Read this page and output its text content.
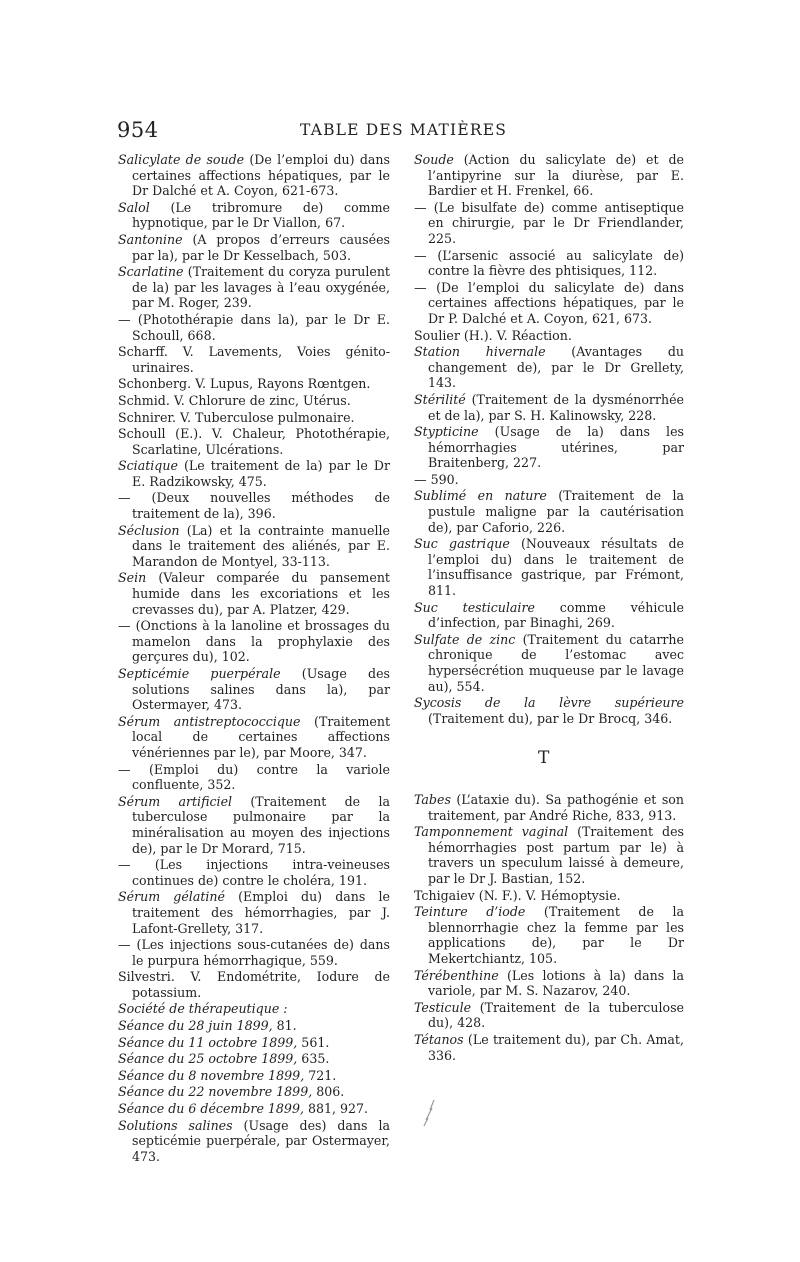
954	TABLE DES MATIÈRES
Salicylate de soude (De l’emploi du) dans certaines affections hépatiques, par le Dr Dalché et A. Coyon, 621-673.
Salol (Le tribromure de) comme hypnotique, par le Dr Viallon, 67.
Santonine (A propos d’erreurs causées par la), par le Dr Kesselbach, 503.
Scarlatine (Traitement du coryza purulent de la) par les lavages à l’eau oxygénée, par M. Roger, 239.
— (Photothérapie dans la), par le Dr E. Schoull, 668.
Scharff. V. Lavements, Voies génito-urinaires.
Schonberg. V. Lupus, Rayons Rœntgen.
Schmid. V. Chlorure de zinc, Utérus.
Schnirer. V. Tuberculose pulmonaire.
Schoull (E.). V. Chaleur, Photothérapie, Scarlatine, Ulcérations.
Sciatique (Le traitement de la) par le Dr E. Radzikowsky, 475.
— (Deux nouvelles méthodes de traitement de la), 396.
Séclusion (La) et la contrainte manuelle dans le traitement des aliénés, par E. Marandon de Montyel, 33-113.
Sein (Valeur comparée du pansement humide dans les excoriations et les crevasses du), par A. Platzer, 429.
— (Onctions à la lanoline et brossages du mamelon dans la prophylaxie des gerçures du), 102.
Septicémie puerpérale (Usage des solutions salines dans la), par Ostermayer, 473.
Sérum antistreptococcique (Traitement local de certaines affections vénériennes par le), par Moore, 347.
— (Emploi du) contre la variole confluente, 352.
Sérum artificiel (Traitement de la tuberculose pulmonaire par la minéralisation au moyen des injections de), par le Dr Morard, 715.
— (Les injections intra-veineuses continues de) contre le choléra, 191.
Sérum gélatiné (Emploi du) dans le traitement des hémorrhagies, par J. Lafont-Grellety, 317.
— (Les injections sous-cutanées de) dans le purpura hémorrhagique, 559.
Silvestri. V. Endométrite, Iodure de potassium.
Société de thérapeutique :
Séance du 28 juin 1899, 81.
Séance du 11 octobre 1899, 561.
Séance du 25 octobre 1899, 635.
Séance du 8 novembre 1899, 721.
Séance du 22 novembre 1899, 806.
Séance du 6 décembre 1899, 881, 927.
Solutions salines (Usage des) dans la septicémie puerpérale, par Ostermayer, 473.
Soude (Action du salicylate de) et de l’antipyrine sur la diurèse, par E. Bardier et H. Frenkel, 66.
— (Le bisulfate de) comme antiseptique en chirurgie, par le Dr Friendlander, 225.
— (L’arsenic associé au salicylate de) contre la fièvre des phtisiques, 112.
— (De l’emploi du salicylate de) dans certaines affections hépatiques, par le Dr P. Dalché et A. Coyon, 621, 673.
Soulier (H.). V. Réaction.
Station hivernale (Avantages du changement de), par le Dr Grellety, 143.
Stérilité (Traitement de la dysménorrhée et de la), par S. H. Kalinowsky, 228.
Stypticine (Usage de la) dans les hémorrhagies utérines, par Braitenberg, 227.
— 590.
Sublimé en nature (Traitement de la pustule maligne par la cautérisation de), par Caforio, 226.
Suc gastrique (Nouveaux résultats de l’emploi du) dans le traitement de l’insuffisance gastrique, par Frémont, 811.
Suc testiculaire comme véhicule d’infection, par Binaghi, 269.
Sulfate de zinc (Traitement du catarrhe chronique de l’estomac avec hypersécrétion muqueuse par le lavage au), 554.
Sycosis de la lèvre supérieure (Traitement du), par le Dr Brocq, 346.
T
Tabes (L’ataxie du). Sa pathogénie et son traitement, par André Riche, 833, 913.
Tamponnement vaginal (Traitement des hémorrhagies post partum par le) à travers un speculum laissé à demeure, par le Dr J. Bastian, 152.
Tchigaiev (N. F.). V. Hémoptysie.
Teinture d’iode (Traitement de la blennorrhagie chez la femme par les applications de), par le Dr Mekertchiantz, 105.
Térébenthine (Les lotions à la) dans la variole, par M. S. Nazarov, 240.
Testicule (Traitement de la tuberculose du), 428.
Tétanos (Le traitement du), par Ch. Amat, 336.
